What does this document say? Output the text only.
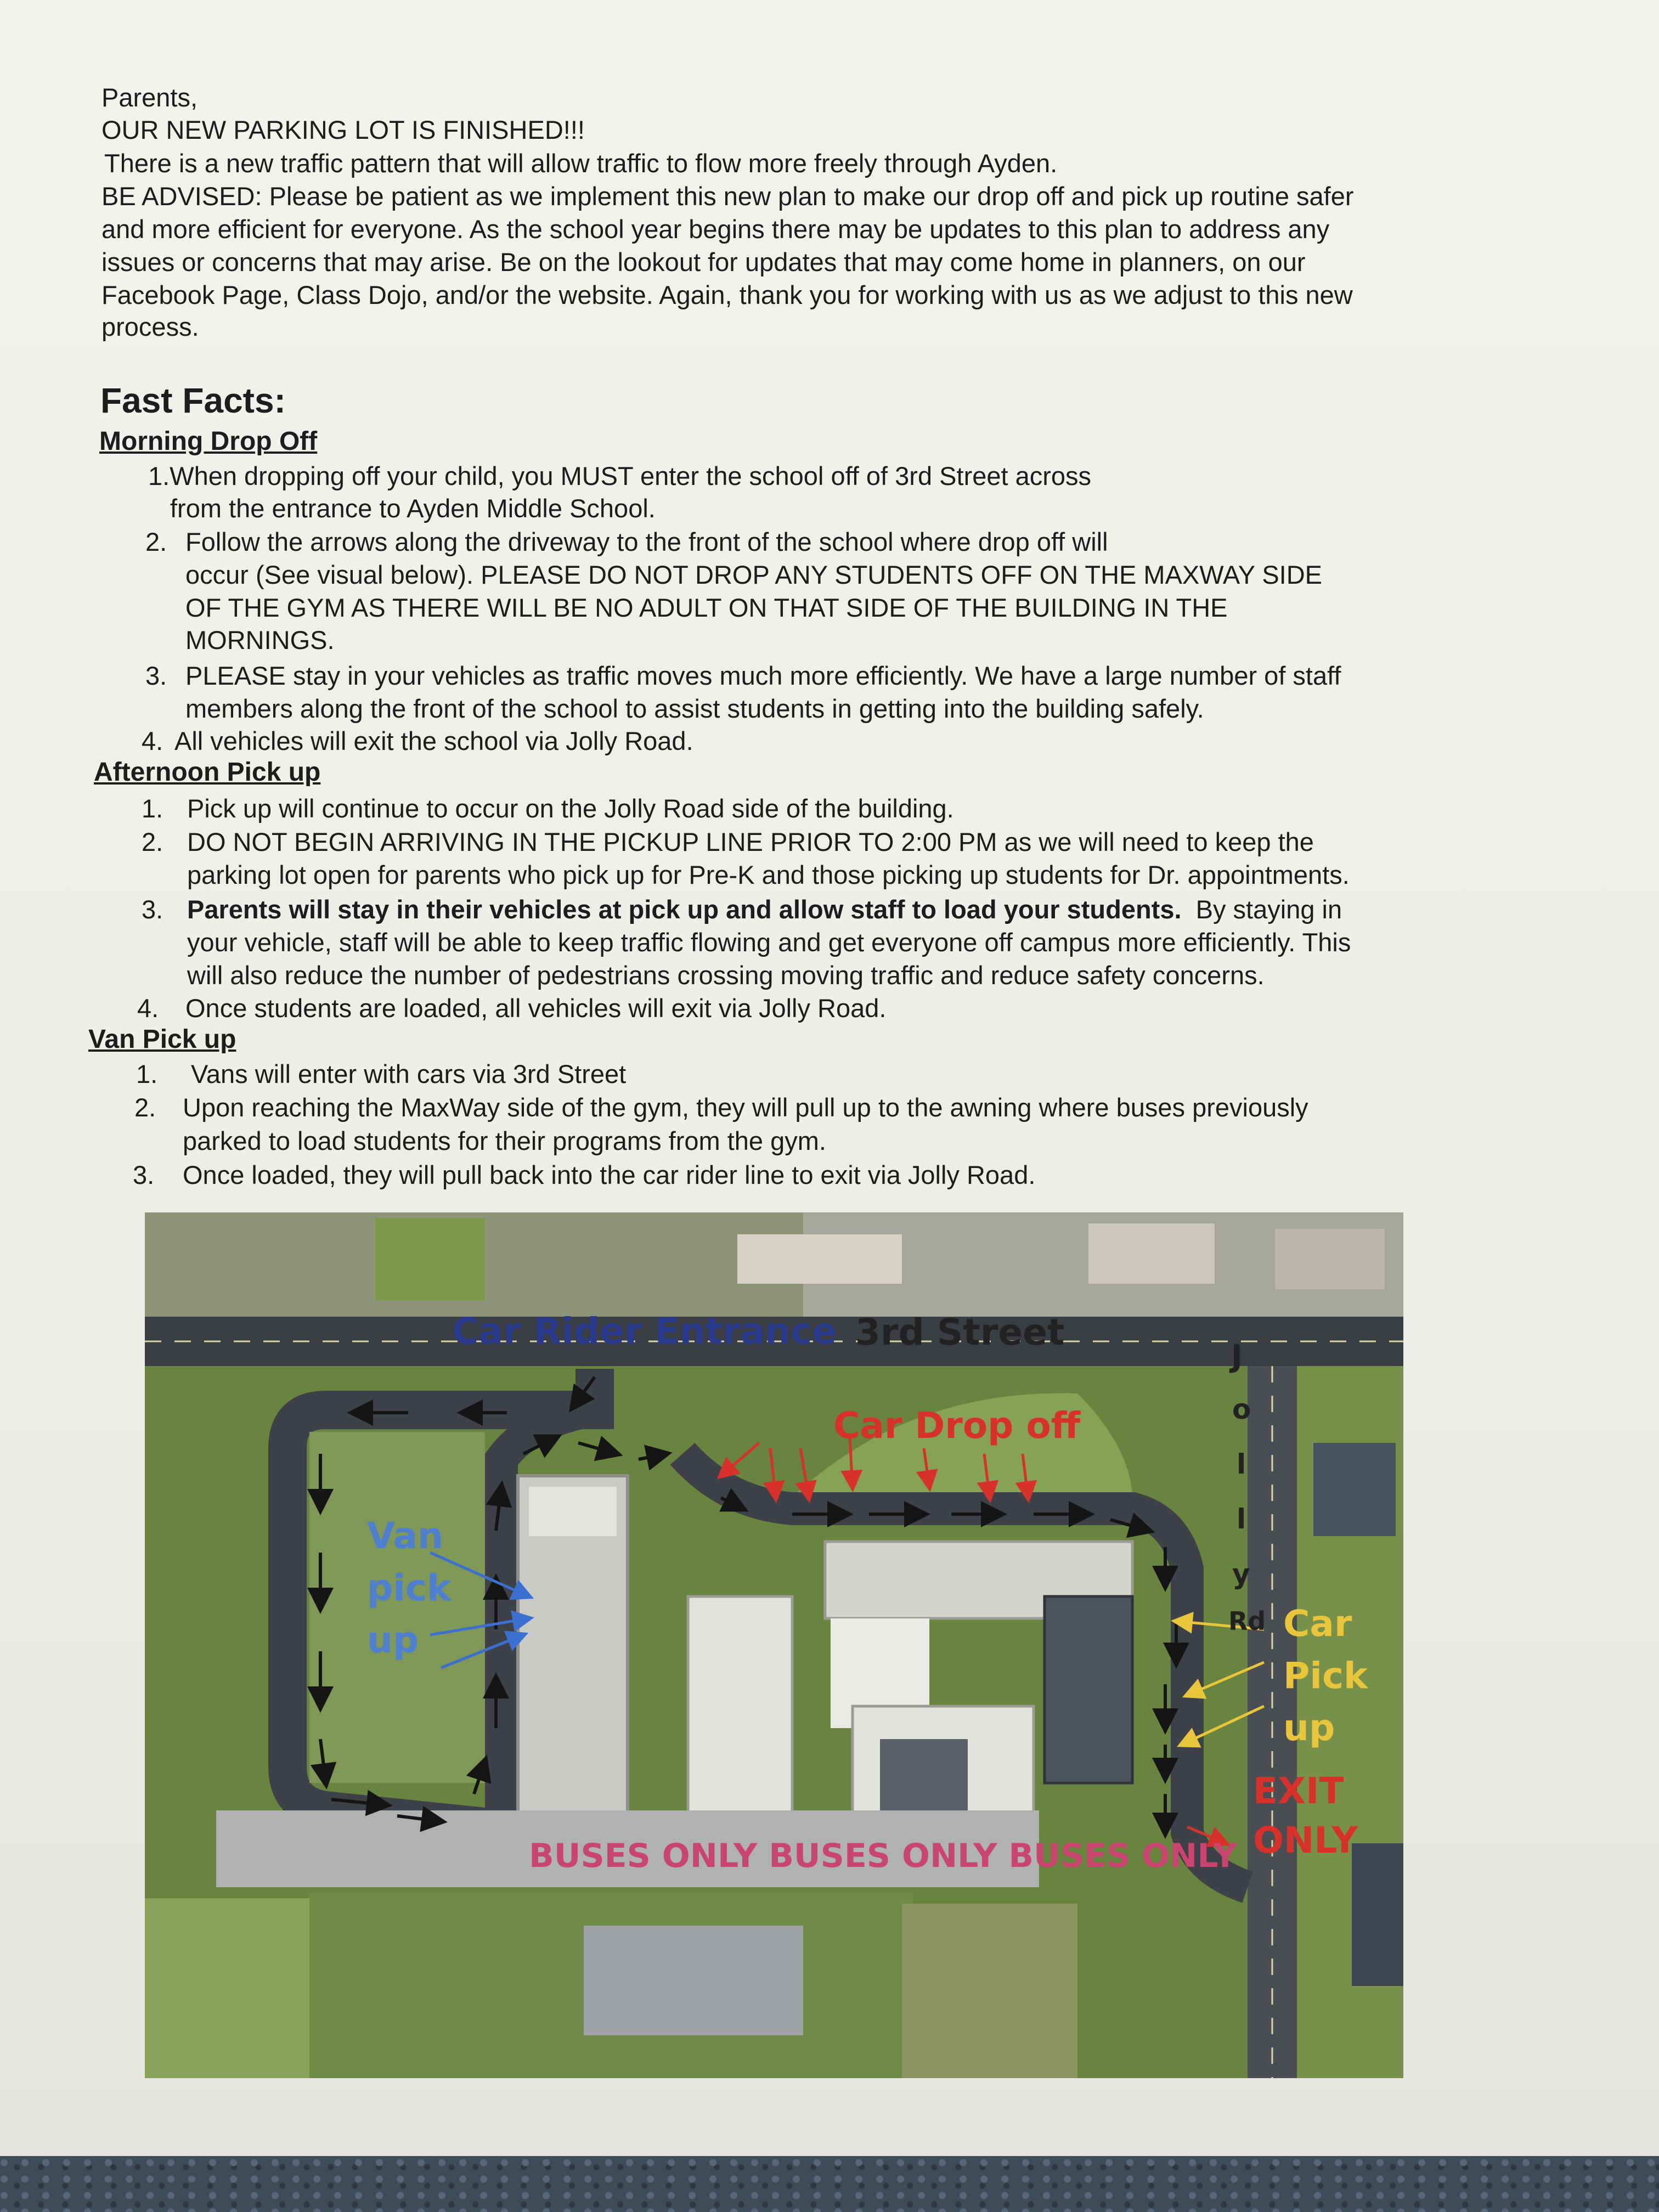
Parents,

OUR NEW PARKING LOT IS FINISHED!!!

There is a new traffic pattern that will allow traffic to flow more freely through Ayden.

BE ADVISED: Please be patient as we implement this new plan to make our drop off and pick up routine safer

and more efficient for everyone. As the school year begins there may be updates to this plan to address any

issues or concerns that may arise. Be on the lookout for updates that may come home in planners, on our

Facebook Page, Class Dojo, and/or the website. Again, thank you for working with us as we adjust to this new

process.

Fast Facts:
Morning Drop Off

1.When dropping off your child, you MUST enter the school off of 3rd Street across

from the entrance to Ayden Middle School.

2. Follow the arrows along the driveway to the front of the school where drop off will

occur (See visual below). PLEASE DO NOT DROP ANY STUDENTS OFF ON THE MAXWAY SIDE

OF THE GYM AS THERE WILL BE NO ADULT ON THAT SIDE OF THE BUILDING IN THE

MORNINGS.

3. PLEASE stay in your vehicles as traffic moves much more efficiently. We have a large number of staff

members along the front of the school to assist students in getting into the building safely.

4. All vehicles will exit the school via Jolly Road.

Afternoon Pick up

1. Pick up will continue to occur on the Jolly Road side of the building.

2. DO NOT BEGIN ARRIVING IN THE PICKUP LINE PRIOR TO 2:00 PM as we will need to keep the

parking lot open for parents who pick up for Pre-K and those picking up students for Dr. appointments.

3. Parents will stay in their vehicles at pick up and allow staff to load your students.  By staying in

your vehicle, staff will be able to keep traffic flowing and get everyone off campus more efficiently. This

will also reduce the number of pedestrians crossing moving traffic and reduce safety concerns.

4. Once students are loaded, all vehicles will exit via Jolly Road.

Van Pick up

1. Vans will enter with cars via 3rd Street

2. Upon reaching the MaxWay side of the gym, they will pull up to the awning where buses previously

parked to load students for their programs from the gym.

3. Once loaded, they will pull back into the car rider line to exit via Jolly Road.

Car Rider Entrance 3rd Street

Car Drop off

Van

pick

up

J

o

l

l

y

Rd Car

Pick

up

EXIT

ONLY

BUSES ONLY BUSES ONLY BUSES ONLY
